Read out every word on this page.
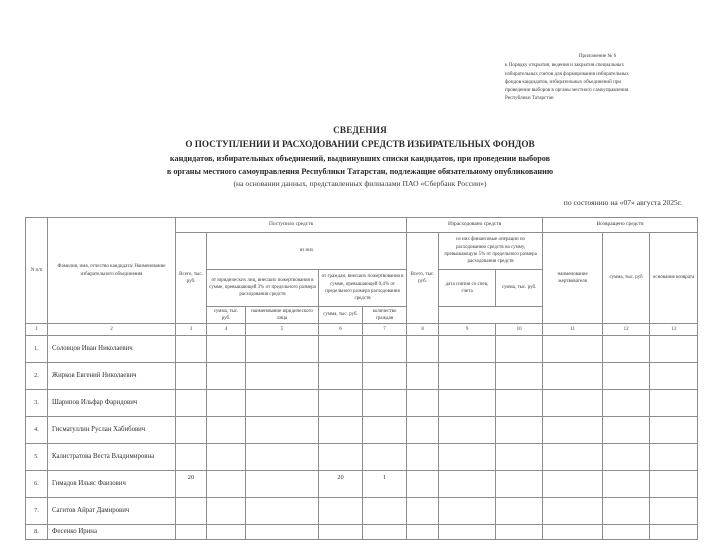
Приложение № 6
к Порядку открытия, ведения и закрытия специальных
избирательных счетов для формирования избирательных
фондов кандидатов, избирательных объединений при
проведении выборов в органы местного самоуправления
Республики Татарстан
СВЕДЕНИЯ
О ПОСТУПЛЕНИИ И РАСХОДОВАНИИ СРЕДСТВ ИЗБИРАТЕЛЬНЫХ ФОНДОВ
кандидатов, избирательных объединений, выдвинувших списки кандидатов, при проведении выборов
в органы местного самоуправления Республики Татарстан, подлежащие обязательному опубликованию
(на основании данных, представленных филиалами ПАО «Сбербанк России»)
по состоянию на «07» августа 2025г.
N п/п	Фамилия, имя, отчество кандидата/ Наименование избирательного объединения	Поступило средств					Израсходовано средств			Возвращено средств		
		Всего, тыс. руб.	из них				Всего, тыс. руб.	из них финансовые операции по расходованию средств на сумму, превышающую 5% от предельного размера расходования средств		наименование жертвователя	сумма, тыс. руб	основание возврата
			от юридических лиц, внесших пожертвования в сумме, превышающей 3% от предельного размера расходования средств		от граждан, внесших пожертвования в сумме, превышающей 0,4% от предельного размера расходования средств			дата снятия со спец. счета	сумма, тыс. руб.			
			сумма, тыс. руб.	наименование юридического лица	сумма, тыс. руб.	количество граждан						
1	2	3	4	5	6	7	8	9	10	11	12	13
1.	Соловцов Иван Николаевич											
2.	Жирков Евгений Николаевич											
3.	Шарипов Ильфар Фаридович											
4.	Гисматуллин Руслан Хабибович											
5.	Калистратова Веста Владимировна											
6.	Гимадов Ильяс Фаизович	20			20	1						
7.	Сагитов Айрат Дамирович											
8.	Фесенко Ирина											
